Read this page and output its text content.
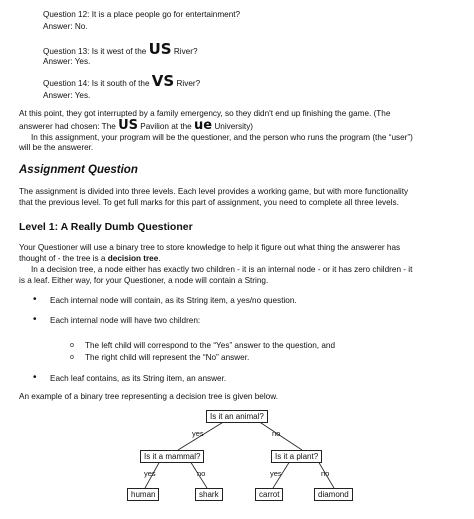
Question 12: It is a place people go for entertainment?
Answer: No.
Question 13: Is it west of the US River?
Answer: Yes.
Question 14: Is it south of the VS River?
Answer: Yes.
At this point, they got interrupted by a family emergency, so they didn't end up finishing the game. (The
answerer had chosen: The US Pavilion at the ue University)
In this assignment, your program will be the questioner, and the person who runs the program (the “user”)
will be the answerer.
Assignment Question
The assignment is divided into three levels. Each level provides a working game, but with more functionality
that the previous level. To get full marks for this part of assignment, you need to complete all three levels.
Level 1: A Really Dumb Questioner
Your Questioner will use a binary tree to store knowledge to help it figure out what thing the answerer has
thought of - the tree is a decision tree.
In a decision tree, a node either has exactly two children - it is an internal node - or it has zero children - it
is a leaf. Either way, for your Questioner, a node will contain a String.
• Each internal node will contain, as its String item, a yes/no question.
• Each internal node will have two children:
o The left child will correspond to the “Yes” answer to the question, and
o The right child will represent the “No” answer.
• Each leaf contains, as its String item, an answer.
An example of a binary tree representing a decision tree is given below.
Is it an animal?
yes	no
Is it a mammal?	Is it a plant?
yes	no	yes	no
human	shark	carrot	diamond
